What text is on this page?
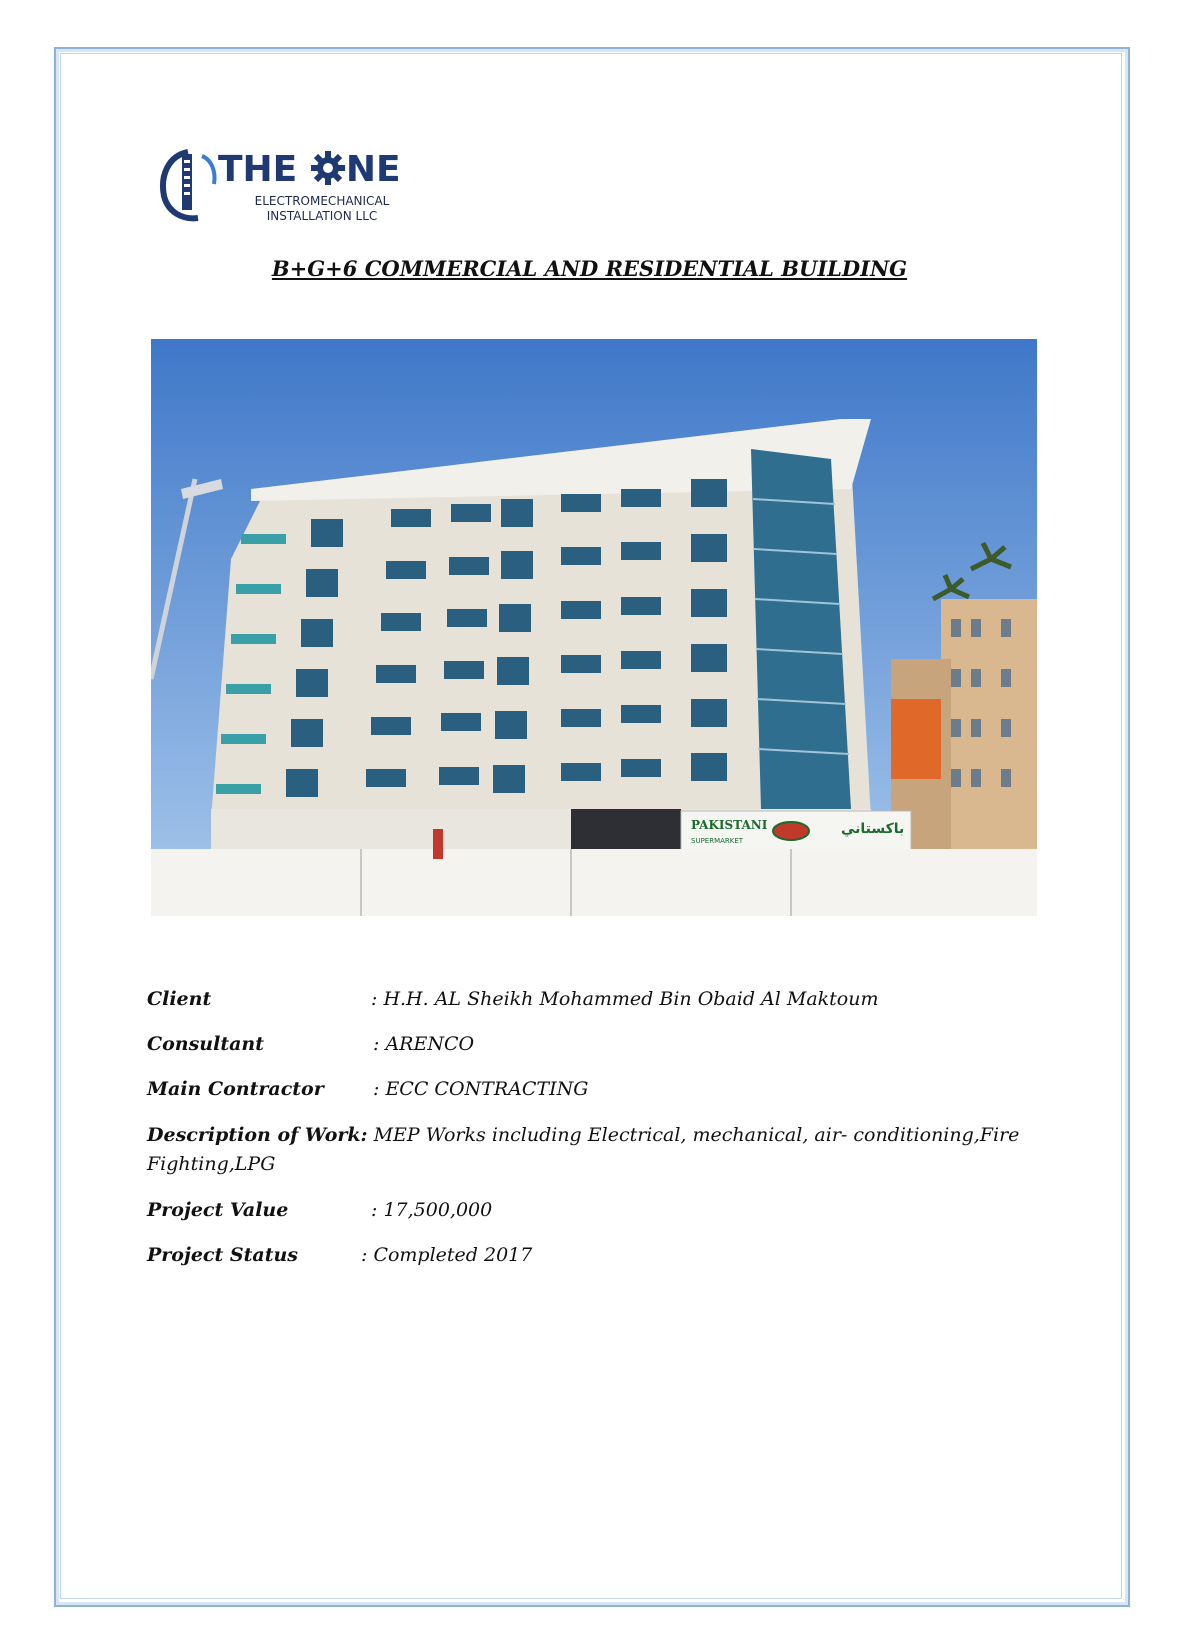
THE NE
ELECTROMECHANICAL
INSTALLATION LLC
B+G+6 COMMERCIAL AND RESIDENTIAL BUILDING
PAKISTANI
SUPERMARKET
باكستاني
Client	: H.H. AL Sheikh Mohammed Bin Obaid Al Maktoum
Consultant	: ARENCO
Main Contractor	: ECC CONTRACTING
Description of Work: MEP Works including Electrical, mechanical, air- conditioning,Fire Fighting,LPG
Project Value	: 17,500,000
Project Status	: Completed 2017
